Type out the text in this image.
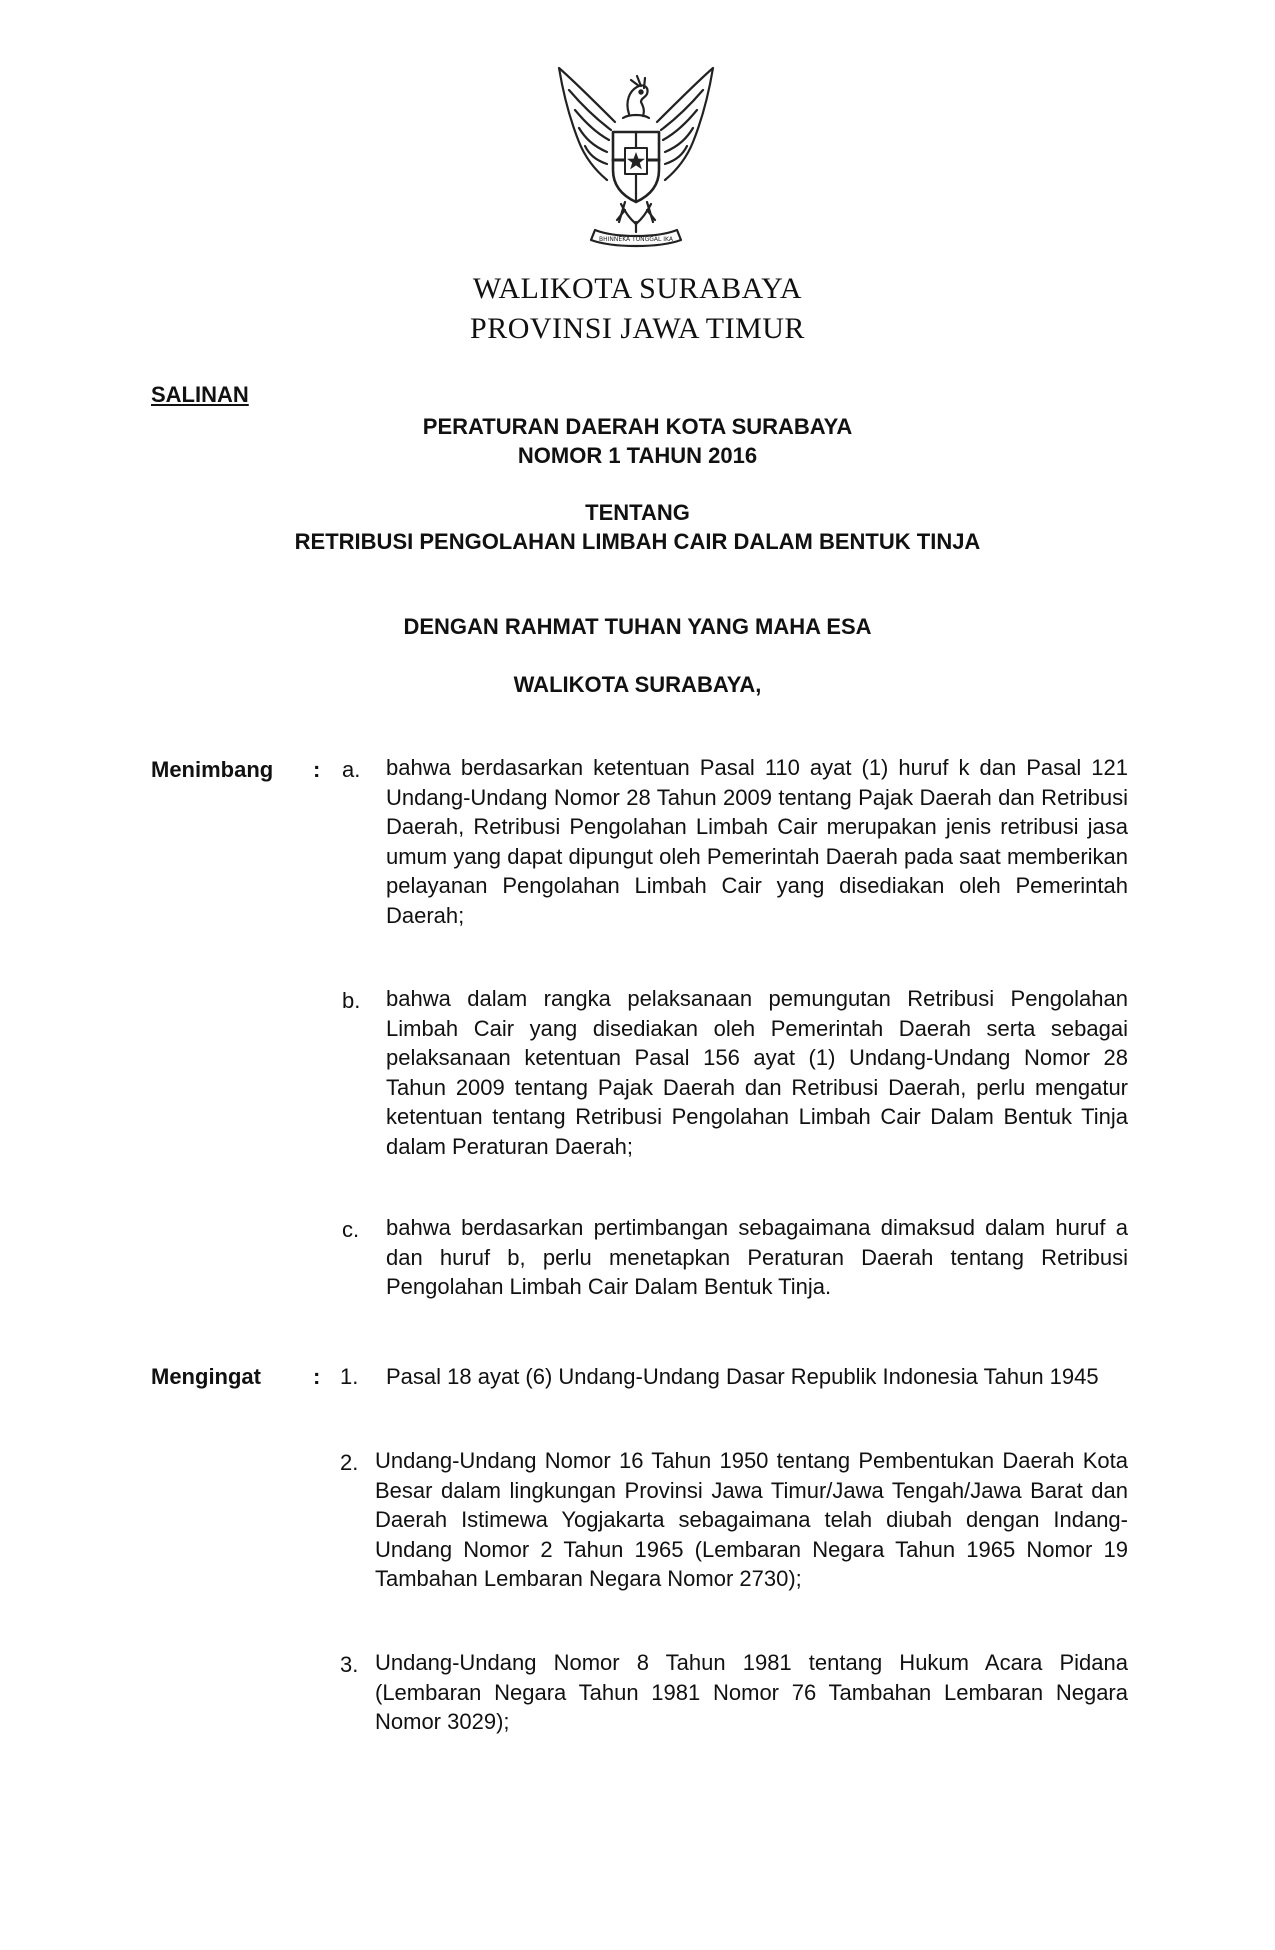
BHINNEKA TUNGGAL IKA
WALIKOTA SURABAYA
PROVINSI JAWA TIMUR
SALINAN
PERATURAN DAERAH KOTA SURABAYA
NOMOR 1 TAHUN 2016
TENTANG
RETRIBUSI PENGOLAHAN LIMBAH CAIR DALAM BENTUK TINJA
DENGAN RAHMAT TUHAN YANG MAHA ESA
WALIKOTA SURABAYA,
Menimbang : a. bahwa berdasarkan ketentuan Pasal 110 ayat (1) huruf k dan Pasal 121 Undang-Undang Nomor 28 Tahun 2009 tentang Pajak Daerah dan Retribusi Daerah, Retribusi Pengolahan Limbah Cair merupakan jenis retribusi jasa umum yang dapat dipungut oleh Pemerintah Daerah pada saat memberikan pelayanan Pengolahan Limbah Cair yang disediakan oleh Pemerintah Daerah;

b. bahwa dalam rangka pelaksanaan pemungutan Retribusi Pengolahan Limbah Cair yang disediakan oleh Pemerintah Daerah serta sebagai pelaksanaan ketentuan Pasal 156 ayat (1) Undang-Undang Nomor 28 Tahun 2009 tentang Pajak Daerah dan Retribusi Daerah, perlu mengatur ketentuan tentang Retribusi Pengolahan Limbah Cair Dalam Bentuk Tinja dalam Peraturan Daerah;

c. bahwa berdasarkan pertimbangan sebagaimana dimaksud dalam huruf a dan huruf b, perlu menetapkan Peraturan Daerah tentang Retribusi Pengolahan Limbah Cair Dalam Bentuk Tinja.

Mengingat : 1. Pasal 18 ayat (6) Undang-Undang Dasar Republik Indonesia Tahun 1945

2. Undang-Undang Nomor 16 Tahun 1950 tentang Pembentukan Daerah Kota Besar dalam lingkungan Provinsi Jawa Timur/Jawa Tengah/Jawa Barat dan Daerah Istimewa Yogjakarta sebagaimana telah diubah dengan Indang-Undang Nomor 2 Tahun 1965 (Lembaran Negara Tahun 1965 Nomor 19 Tambahan Lembaran Negara Nomor 2730);

3. Undang-Undang Nomor 8 Tahun 1981 tentang Hukum Acara Pidana (Lembaran Negara Tahun 1981 Nomor 76 Tambahan Lembaran Negara Nomor 3029);
